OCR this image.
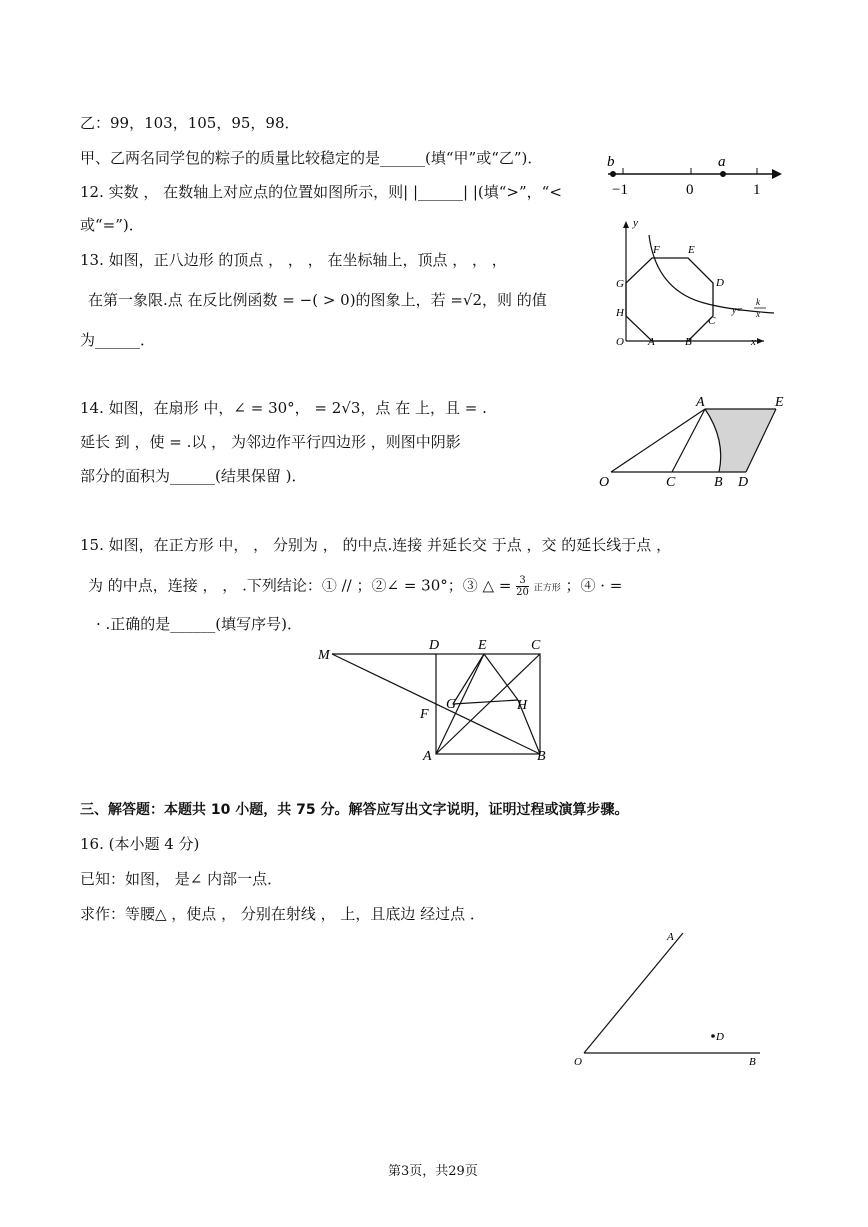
乙：99，103，105，95，98．
甲、乙两名同学包的粽子的质量比较稳定的是______(填“甲”或“乙”)．	b	a
−1	0	1
12. 实数 ， 在数轴上对应点的位置如图所示，则| |______| |(填“>”，“<
或“=”)．
13. 如图，正八边形 的顶点 ， ， ， 在坐标轴上，顶点 ， ， ，
在第一象限.点 在反比例函数 = −( > 0)的图象上，若 =√2，则 的值
为______．
y
F	E
G	D
H
C
O A	B	x
y=
k
x
14. 如图，在扇形 中，∠ = 30°， = 2√3，点 在 上，且 = .
延长 到 ，使 = .以 ， 为邻边作平行四边形 ，则图中阴影
部分的面积为______(结果保留 )．
A	E
O	C	B D
15. 如图，在正方形 中， ， 分别为 ， 的中点.连接 并延长交 于点 ，交 的延长线于点 ，
为 的中点，连接 ， ， .下列结论：① // ；②∠ = 30°；③ △ = $\frac{3}{20}$ 正方形 ；④ · =
· .正确的是______(填写序号)．
M
D	E	C
F
G	H
A	B
三、解答题：本题共 10 小题，共 75 分。解答应写出文字说明，证明过程或演算步骤。
16. (本小题 4 分)
已知：如图， 是∠ 内部一点．
求作：等腰△ ，使点 ， 分别在射线 ， 上，且底边 经过点 ．
A
D
O	B
第3页，共29页
